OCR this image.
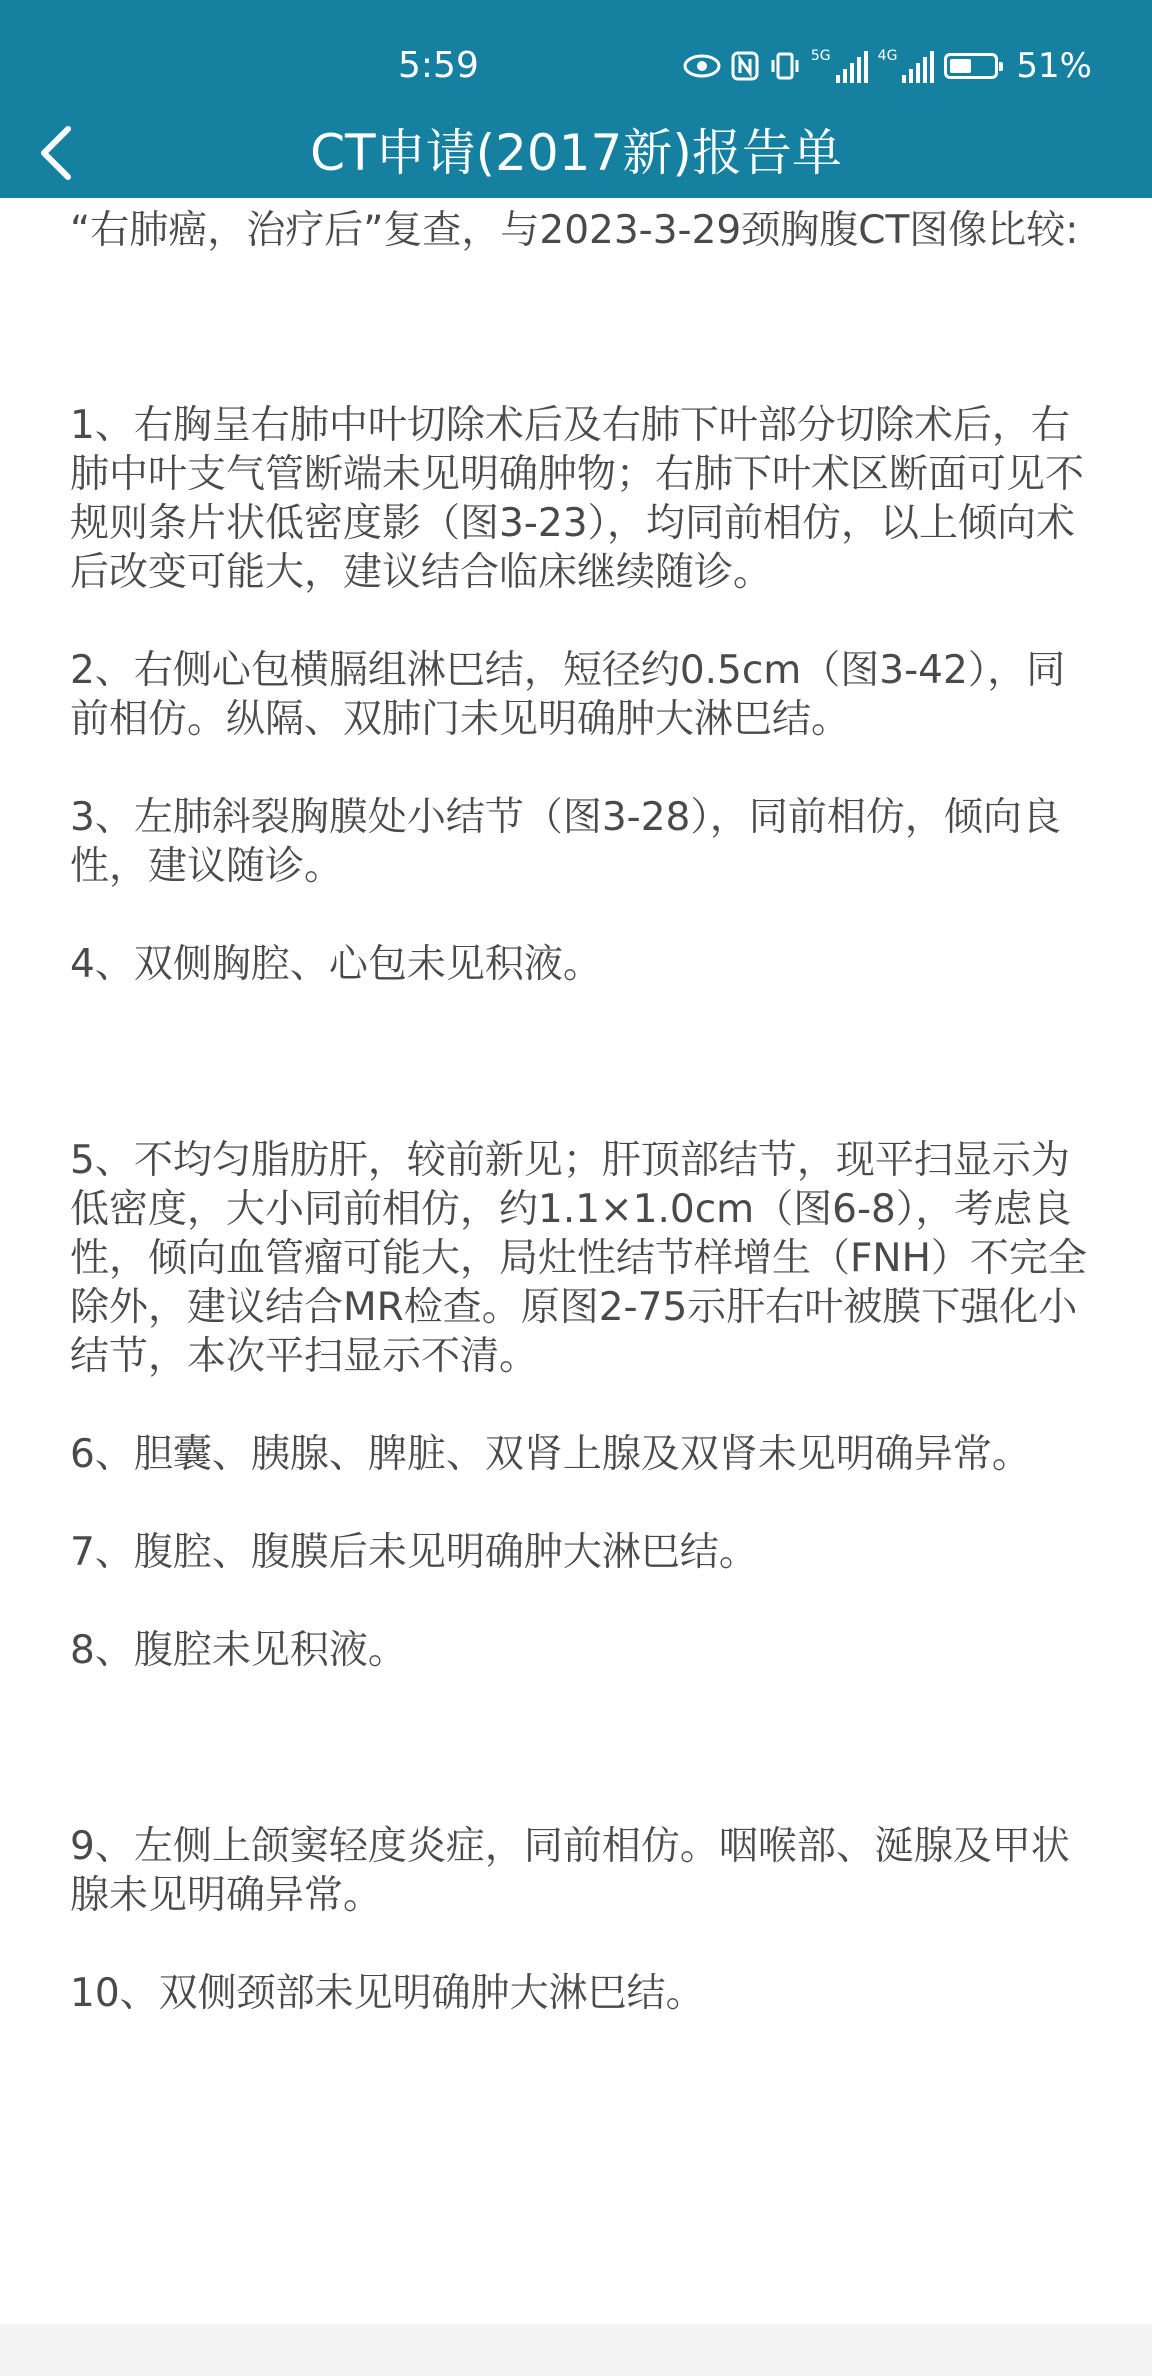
5:59	5G	4G	51%
CT申请(2017新)报告单

“右肺癌，治疗后”复查，与2023-3-29颈胸腹CT图像比较:

1、右胸呈右肺中叶切除术后及右肺下叶部分切除术后，右肺中叶支气管断端未见明确肿物；右肺下叶术区断面可见不规则条片状低密度影（图3-23），均同前相仿，以上倾向术后改变可能大，建议结合临床继续随诊。

2、右侧心包横膈组淋巴结，短径约0.5cm（图3-42），同前相仿。纵隔、双肺门未见明确肿大淋巴结。

3、左肺斜裂胸膜处小结节（图3-28），同前相仿，倾向良性，建议随诊。

4、双侧胸腔、心包未见积液。

5、不均匀脂肪肝，较前新见；肝顶部结节，现平扫显示为低密度，大小同前相仿，约1.1×1.0cm（图6-8），考虑良性，倾向血管瘤可能大，局灶性结节样增生（FNH）不完全除外，建议结合MR检查。原图2-75示肝右叶被膜下强化小结节，本次平扫显示不清。

6、胆囊、胰腺、脾脏、双肾上腺及双肾未见明确异常。

7、腹腔、腹膜后未见明确肿大淋巴结。

8、腹腔未见积液。

9、左侧上颌窦轻度炎症，同前相仿。咽喉部、涎腺及甲状腺未见明确异常。

10、双侧颈部未见明确肿大淋巴结。
